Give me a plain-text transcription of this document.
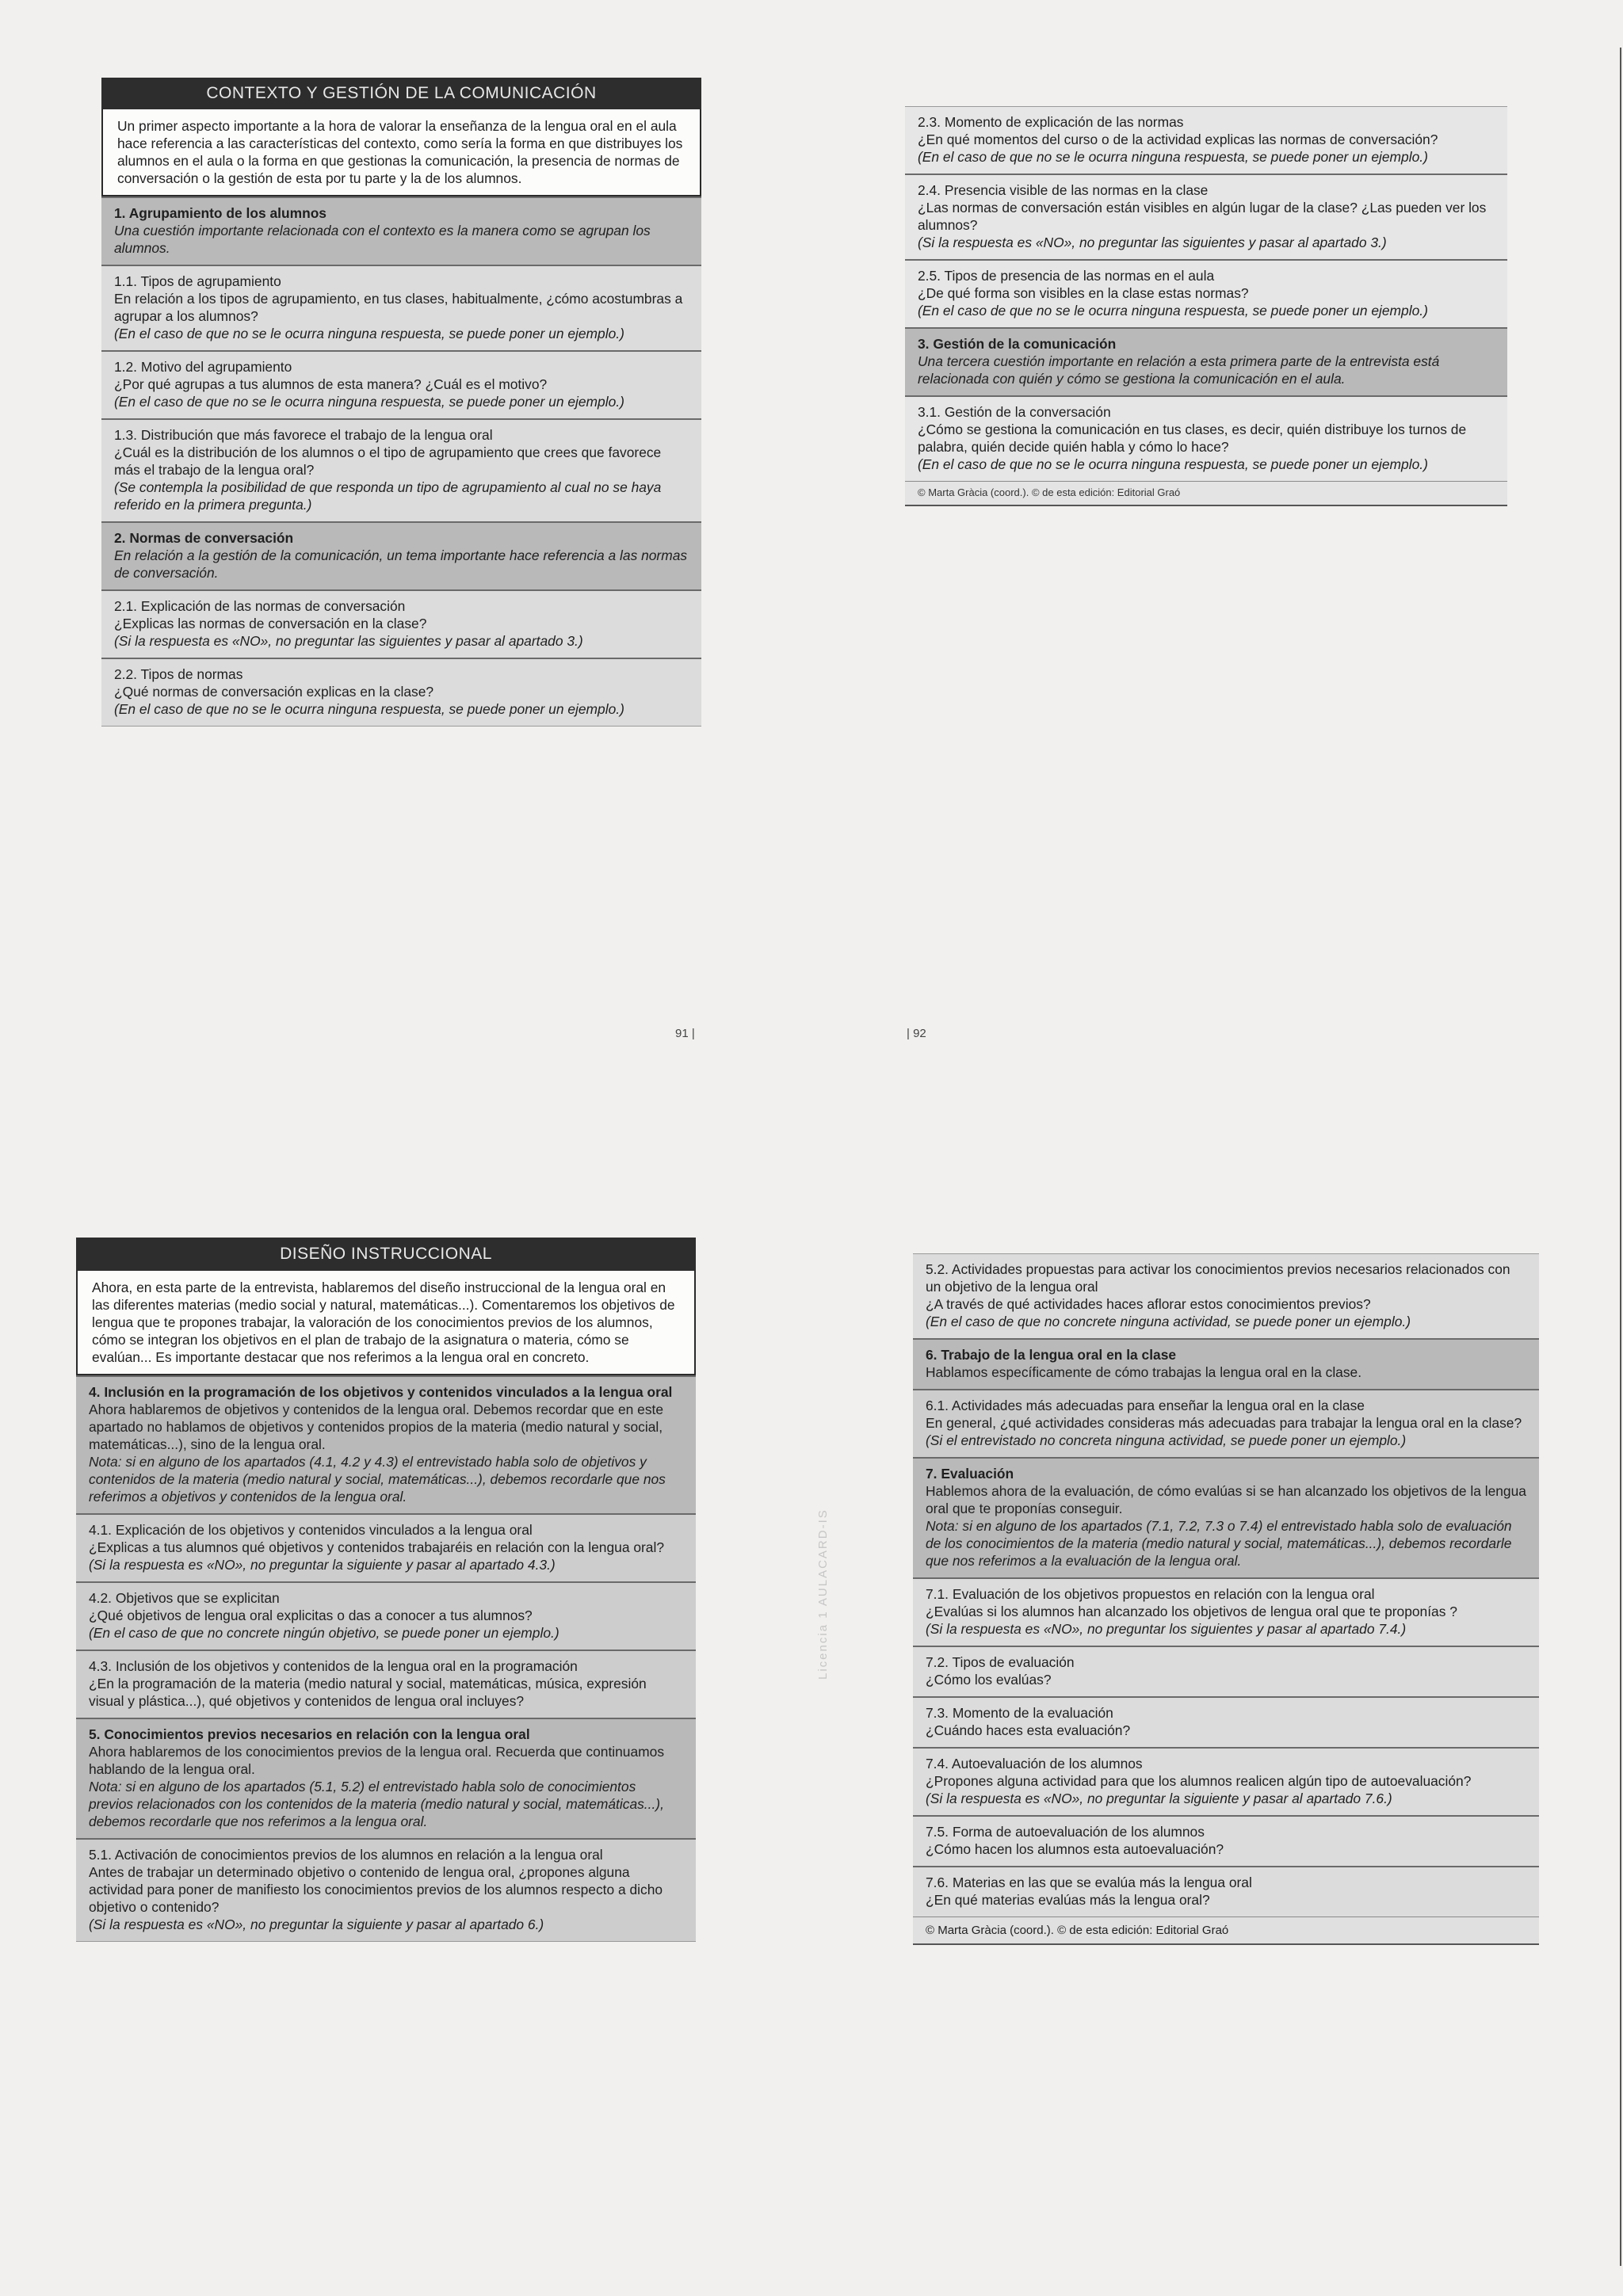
CONTEXTO Y GESTIÓN DE LA COMUNICACIÓN
Un primer aspecto importante a la hora de valorar la enseñanza de la lengua oral en el aula hace referencia a las características del contexto, como sería la forma en que distribuyes los alumnos en el aula o la forma en que gestionas la comunicación, la presencia de normas de conversación o la gestión de esta por tu parte y la de los alumnos.
1. Agrupamiento de los alumnos
Una cuestión importante relacionada con el contexto es la manera como se agrupan los alumnos.
1.1. Tipos de agrupamiento
En relación a los tipos de agrupamiento, en tus clases, habitualmente, ¿cómo acostumbras a agrupar a los alumnos?
(En el caso de que no se le ocurra ninguna respuesta, se puede poner un ejemplo.)
1.2. Motivo del agrupamiento
¿Por qué agrupas a tus alumnos de esta manera? ¿Cuál es el motivo?
(En el caso de que no se le ocurra ninguna respuesta, se puede poner un ejemplo.)
1.3. Distribución que más favorece el trabajo de la lengua oral
¿Cuál es la distribución de los alumnos o el tipo de agrupamiento que crees que favorece más el trabajo de la lengua oral?
(Se contempla la posibilidad de que responda un tipo de agrupamiento al cual no se haya referido en la primera pregunta.)
2. Normas de conversación
En relación a la gestión de la comunicación, un tema importante hace referencia a las normas de conversación.
2.1. Explicación de las normas de conversación
¿Explicas las normas de conversación en la clase?
(Si la respuesta es «NO», no preguntar las siguientes y pasar al apartado 3.)
2.2. Tipos de normas
¿Qué normas de conversación explicas en la clase?
(En el caso de que no se le ocurra ninguna respuesta, se puede poner un ejemplo.)
91 |
2.3. Momento de explicación de las normas
¿En qué momentos del curso o de la actividad explicas las normas de conversación?
(En el caso de que no se le ocurra ninguna respuesta, se puede poner un ejemplo.)
2.4. Presencia visible de las normas en la clase
¿Las normas de conversación están visibles en algún lugar de la clase? ¿Las pueden ver los alumnos?
(Si la respuesta es «NO», no preguntar las siguientes y pasar al apartado 3.)
2.5. Tipos de presencia de las normas en el aula
¿De qué forma son visibles en la clase estas normas?
(En el caso de que no se le ocurra ninguna respuesta, se puede poner un ejemplo.)
3. Gestión de la comunicación
Una tercera cuestión importante en relación a esta primera parte de la entrevista está relacionada con quién y cómo se gestiona la comunicación en el aula.
3.1. Gestión de la conversación
¿Cómo se gestiona la comunicación en tus clases, es decir, quién distribuye los turnos de palabra, quién decide quién habla y cómo lo hace?
(En el caso de que no se le ocurra ninguna respuesta, se puede poner un ejemplo.)
© Marta Gràcia (coord.). © de esta edición: Editorial Graó
| 92
DISEÑO INSTRUCCIONAL
Ahora, en esta parte de la entrevista, hablaremos del diseño instruccional de la lengua oral en las diferentes materias (medio social y natural, matemáticas...). Comentaremos los objetivos de lengua que te propones trabajar, la valoración de los conocimientos previos de los alumnos, cómo se integran los objetivos en el plan de trabajo de la asignatura o materia, cómo se evalúan... Es importante destacar que nos referimos a la lengua oral en concreto.
4. Inclusión en la programación de los objetivos y contenidos vinculados a la lengua oral
Ahora hablaremos de objetivos y contenidos de la lengua oral. Debemos recordar que en este apartado no hablamos de objetivos y contenidos propios de la materia (medio natural y social, matemáticas...), sino de la lengua oral.
Nota: si en alguno de los apartados (4.1, 4.2 y 4.3) el entrevistado habla solo de objetivos y contenidos de la materia (medio natural y social, matemáticas...), debemos recordarle que nos referimos a objetivos y contenidos de la lengua oral.
4.1. Explicación de los objetivos y contenidos vinculados a la lengua oral
¿Explicas a tus alumnos qué objetivos y contenidos trabajaréis en relación con la lengua oral?
(Si la respuesta es «NO», no preguntar la siguiente y pasar al apartado 4.3.)
4.2. Objetivos que se explicitan
¿Qué objetivos de lengua oral explicitas o das a conocer a tus alumnos?
(En el caso de que no concrete ningún objetivo, se puede poner un ejemplo.)
4.3. Inclusión de los objetivos y contenidos de la lengua oral en la programación
¿En la programación de la materia (medio natural y social, matemáticas, música, expresión visual y plástica...), qué objetivos y contenidos de lengua oral incluyes?
5. Conocimientos previos necesarios en relación con la lengua oral
Ahora hablaremos de los conocimientos previos de la lengua oral. Recuerda que continuamos hablando de la lengua oral.
Nota: si en alguno de los apartados (5.1, 5.2) el entrevistado habla solo de conocimientos previos relacionados con los contenidos de la materia (medio natural y social, matemáticas...), debemos recordarle que nos referimos a la lengua oral.
5.1. Activación de conocimientos previos de los alumnos en relación a la lengua oral
Antes de trabajar un determinado objetivo o contenido de lengua oral, ¿propones alguna actividad para poner de manifiesto los conocimientos previos de los alumnos respecto a dicho objetivo o contenido?
(Si la respuesta es «NO», no preguntar la siguiente y pasar al apartado 6.)
5.2. Actividades propuestas para activar los conocimientos previos necesarios relacionados con un objetivo de la lengua oral
¿A través de qué actividades haces aflorar estos conocimientos previos?
(En el caso de que no concrete ninguna actividad, se puede poner un ejemplo.)
6. Trabajo de la lengua oral en la clase
Hablamos específicamente de cómo trabajas la lengua oral en la clase.
6.1. Actividades más adecuadas para enseñar la lengua oral en la clase
En general, ¿qué actividades consideras más adecuadas para trabajar la lengua oral en la clase?
(Si el entrevistado no concreta ninguna actividad, se puede poner un ejemplo.)
7. Evaluación
Hablemos ahora de la evaluación, de cómo evalúas si se han alcanzado los objetivos de la lengua oral que te proponías conseguir.
Nota: si en alguno de los apartados (7.1, 7.2, 7.3 o 7.4) el entrevistado habla solo de evaluación de los conocimientos de la materia (medio natural y social, matemáticas...), debemos recordarle que nos referimos a la evaluación de la lengua oral.
7.1. Evaluación de los objetivos propuestos en relación con la lengua oral
¿Evalúas si los alumnos han alcanzado los objetivos de lengua oral que te proponías ?
(Si la respuesta es «NO», no preguntar los siguientes y pasar al apartado 7.4.)
7.2. Tipos de evaluación
¿Cómo los evalúas?
7.3. Momento de la evaluación
¿Cuándo haces esta evaluación?
7.4. Autoevaluación de los alumnos
¿Propones alguna actividad para que los alumnos realicen algún tipo de autoevaluación?
(Si la respuesta es «NO», no preguntar la siguiente y pasar al apartado 7.6.)
7.5. Forma de autoevaluación de los alumnos
¿Cómo hacen los alumnos esta autoevaluación?
7.6. Materias en las que se evalúa más la lengua oral
¿En qué materias evalúas más la lengua oral?
© Marta Gràcia (coord.). © de esta edición: Editorial Graó
Licencia 1 AULACARD-IS
